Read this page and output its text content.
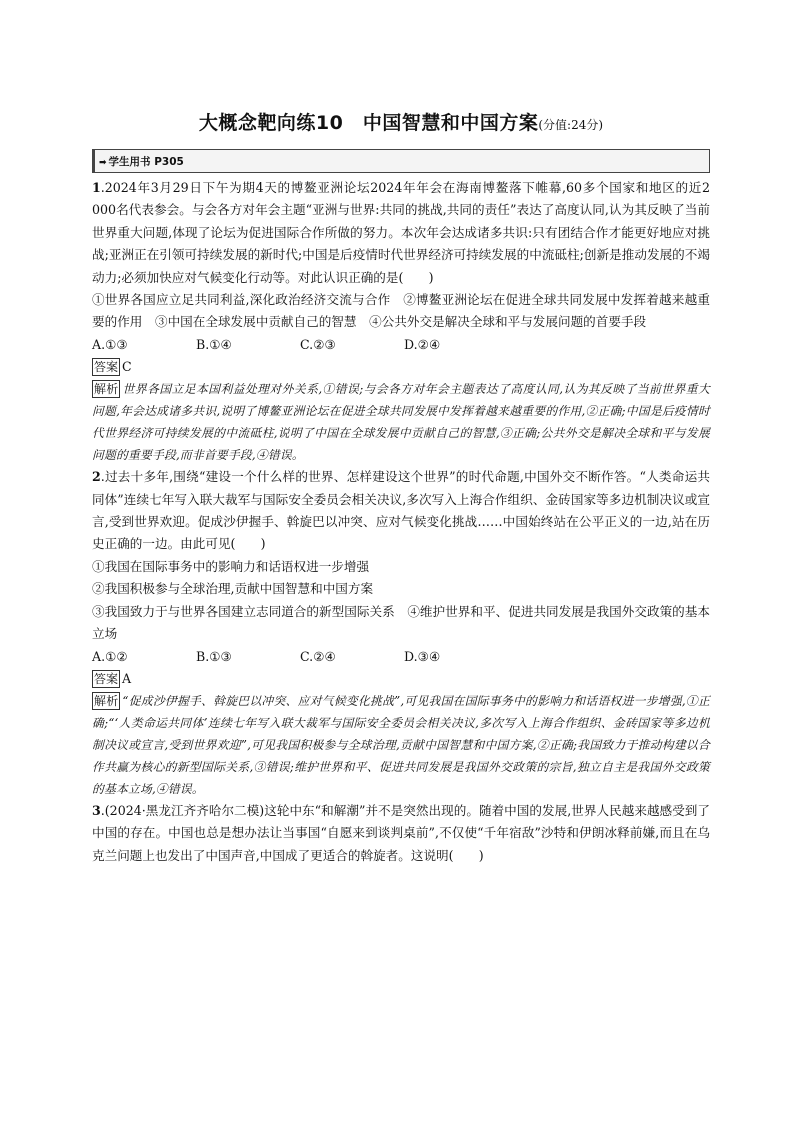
大概念靶向练10　中国智慧和中国方案(分值:24分)
➡ 学生用书 P305

1.2024年3月29日下午为期4天的博鳌亚洲论坛2024年年会在海南博鳌落下帷幕,60多个国家和地区的近2 000名代表参会。与会各方对年会主题“亚洲与世界:共同的挑战,共同的责任”表达了高度认同,认为其反映了当前世界重大问题,体现了论坛为促进国际合作所做的努力。本次年会达成诸多共识:只有团结合作才能更好地应对挑战;亚洲正在引领可持续发展的新时代;中国是后疫情时代世界经济可持续发展的中流砥柱;创新是推动发展的不竭动力;必须加快应对气候变化行动等。对此认识正确的是(　　)

①世界各国应立足共同利益,深化政治经济交流与合作　②博鳌亚洲论坛在促进全球共同发展中发挥着越来越重要的作用　③中国在全球发展中贡献自己的智慧　④公共外交是解决全球和平与发展问题的首要手段

A.①③	B.①④	C.②③	D.②④

答案 C

解析 世界各国立足本国利益处理对外关系,①错误;与会各方对年会主题表达了高度认同,认为其反映了当前世界重大问题,年会达成诸多共识,说明了博鳌亚洲论坛在促进全球共同发展中发挥着越来越重要的作用,②正确;中国是后疫情时代世界经济可持续发展的中流砥柱,说明了中国在全球发展中贡献自己的智慧,③正确;公共外交是解决全球和平与发展问题的重要手段,而非首要手段,④错误。

2.过去十多年,围绕“建设一个什么样的世界、怎样建设这个世界”的时代命题,中国外交不断作答。“人类命运共同体”连续七年写入联大裁军与国际安全委员会相关决议,多次写入上海合作组织、金砖国家等多边机制决议或宣言,受到世界欢迎。促成沙伊握手、斡旋巴以冲突、应对气候变化挑战……中国始终站在公平正义的一边,站在历史正确的一边。由此可见(　　)

①我国在国际事务中的影响力和话语权进一步增强

②我国积极参与全球治理,贡献中国智慧和中国方案

③我国致力于与世界各国建立志同道合的新型国际关系　④维护世界和平、促进共同发展是我国外交政策的基本立场

A.①②	B.①③	C.②④	D.③④

答案 A

解析 “促成沙伊握手、斡旋巴以冲突、应对气候变化挑战”,可见我国在国际事务中的影响力和话语权进一步增强,①正确;“‘人类命运共同体’连续七年写入联大裁军与国际安全委员会相关决议,多次写入上海合作组织、金砖国家等多边机制决议或宣言,受到世界欢迎”,可见我国积极参与全球治理,贡献中国智慧和中国方案,②正确;我国致力于推动构建以合作共赢为核心的新型国际关系,③错误;维护世界和平、促进共同发展是我国外交政策的宗旨,独立自主是我国外交政策的基本立场,④错误。

3.(2024·黑龙江齐齐哈尔二模)这轮中东“和解潮”并不是突然出现的。随着中国的发展,世界人民越来越感受到了中国的存在。中国也总是想办法让当事国“自愿来到谈判桌前”,不仅使“千年宿敌”沙特和伊朗冰释前嫌,而且在乌克兰问题上也发出了中国声音,中国成了更适合的斡旋者。这说明(　　)
